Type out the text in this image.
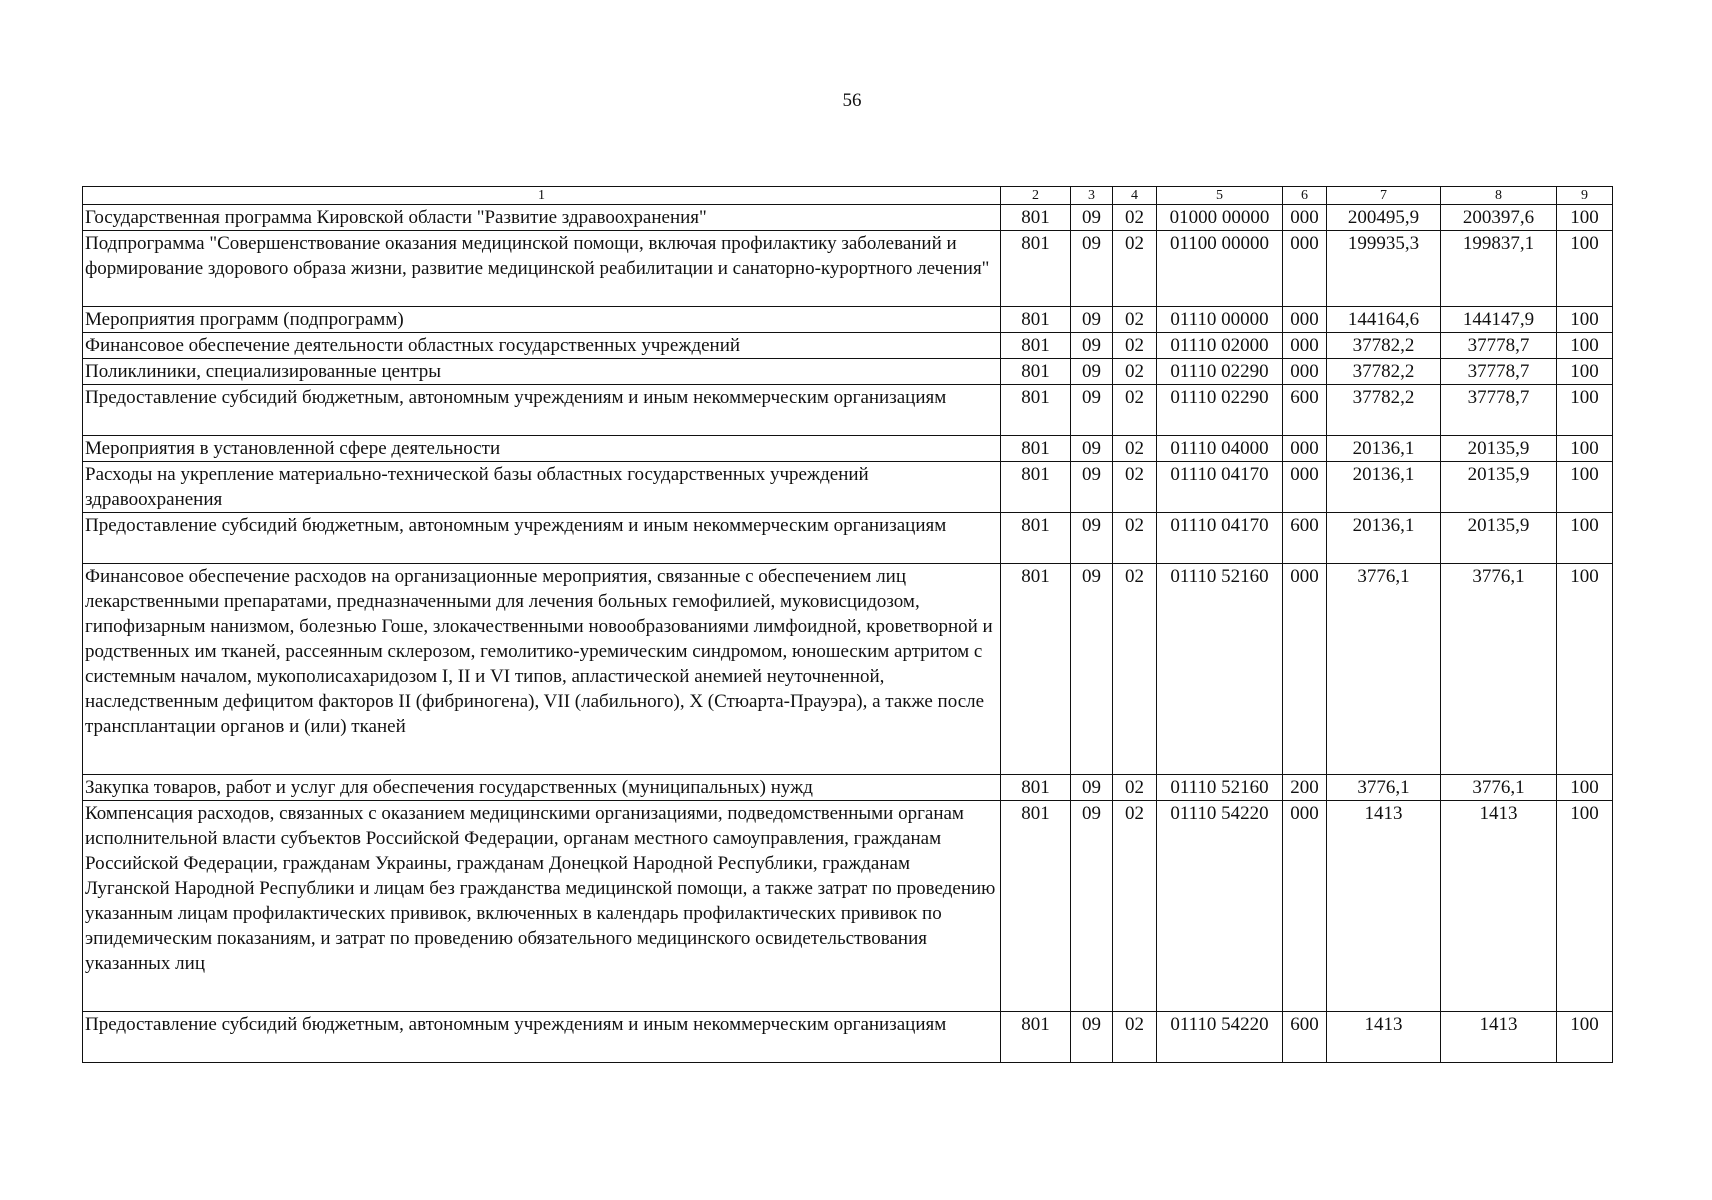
56
1	2	3	4	5	6	7	8	9
Государственная программа Кировской области "Развитие здравоохранения"	801	09	02	01000 00000	000	200495,9	200397,6	100
Подпрограмма "Совершенствование оказания медицинской помощи, включая профилактику заболеваний и формирование здорового образа жизни, развитие медицинской реабилитации и санаторно-курортного лечения"	801	09	02	01100 00000	000	199935,3	199837,1	100
Мероприятия программ (подпрограмм)	801	09	02	01110 00000	000	144164,6	144147,9	100
Финансовое обеспечение деятельности областных государственных учреждений	801	09	02	01110 02000	000	37782,2	37778,7	100
Поликлиники, специализированные центры	801	09	02	01110 02290	000	37782,2	37778,7	100
Предоставление субсидий бюджетным, автономным учреждениям и иным некоммерческим организациям	801	09	02	01110 02290	600	37782,2	37778,7	100
Мероприятия в установленной сфере деятельности	801	09	02	01110 04000	000	20136,1	20135,9	100
Расходы на укрепление материально-технической базы областных государственных учреждений здравоохранения	801	09	02	01110 04170	000	20136,1	20135,9	100
Предоставление субсидий бюджетным, автономным учреждениям и иным некоммерческим организациям	801	09	02	01110 04170	600	20136,1	20135,9	100
Финансовое обеспечение расходов на организационные мероприятия, связанные с обеспечением лиц лекарственными препаратами, предназначенными для лечения больных гемофилией, муковисцидозом, гипофизарным нанизмом, болезнью Гоше, злокачественными новообразованиями лимфоидной, кроветворной и родственных им тканей, рассеянным склерозом, гемолитико-уремическим синдромом, юношеским артритом с системным началом, мукополисахаридозом I, II и VI типов, апластической анемией неуточненной, наследственным дефицитом факторов II (фибриногена), VII (лабильного), X (Стюарта-Прауэра), а также после трансплантации органов и (или) тканей	801	09	02	01110 52160	000	3776,1	3776,1	100
Закупка товаров, работ и услуг для обеспечения государственных (муниципальных) нужд	801	09	02	01110 52160	200	3776,1	3776,1	100
Компенсация расходов, связанных с оказанием медицинскими организациями, подведомственными органам исполнительной власти субъектов Российской Федерации, органам местного самоуправления, гражданам Российской Федерации, гражданам Украины, гражданам Донецкой Народной Республики, гражданам Луганской Народной Республики и лицам без гражданства медицинской помощи, а также затрат по проведению указанным лицам профилактических прививок, включенных в календарь профилактических прививок по эпидемическим показаниям, и затрат по проведению обязательного медицинского освидетельствования указанных лиц	801	09	02	01110 54220	000	1413	1413	100
Предоставление субсидий бюджетным, автономным учреждениям и иным некоммерческим организациям	801	09	02	01110 54220	600	1413	1413	100
